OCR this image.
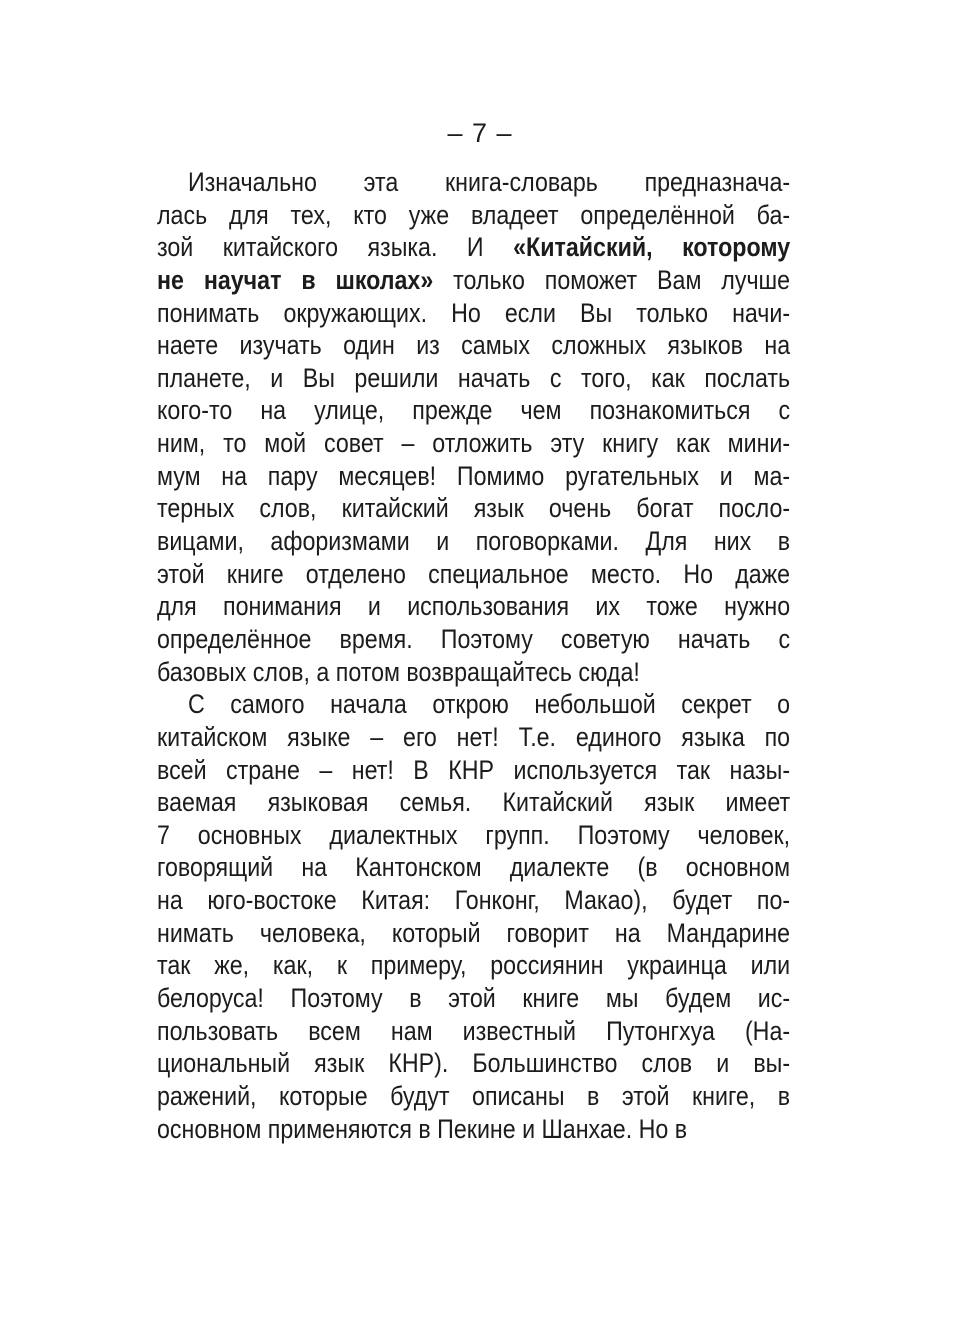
– 7 –
Изначально эта книга-словарь предназнача-
лась для тех, кто уже владеет определённой ба-
зой китайского языка. И «Китайский, которому
не научат в школах» только поможет Вам лучше
понимать окружающих. Но если Вы только начи-
наете изучать один из самых сложных языков на
планете, и Вы решили начать с того, как послать
кого-то на улице, прежде чем познакомиться с
ним, то мой совет – отложить эту книгу как мини-
мум на пару месяцев! Помимо ругательных и ма-
терных слов, китайский язык очень богат посло-
вицами, афоризмами и поговорками. Для них в
этой книге отделено специальное место. Но даже
для понимания и использования их тоже нужно
определённое время. Поэтому советую начать с
базовых слов, а потом возвращайтесь сюда!
С самого начала открою небольшой секрет о
китайском языке – его нет! Т.е. единого языка по
всей стране – нет! В КНР используется так назы-
ваемая языковая семья. Китайский язык имеет
7 основных диалектных групп. Поэтому человек,
говорящий на Кантонском диалекте (в основном
на юго-востоке Китая: Гонконг, Макао), будет по-
нимать человека, который говорит на Мандарине
так же, как, к примеру, россиянин украинца или
белоруса! Поэтому в этой книге мы будем ис-
пользовать всем нам известный Путонгхуа (На-
циональный язык КНР). Большинство слов и вы-
ражений, которые будут описаны в этой книге, в
основном применяются в Пекине и Шанхае. Но в
